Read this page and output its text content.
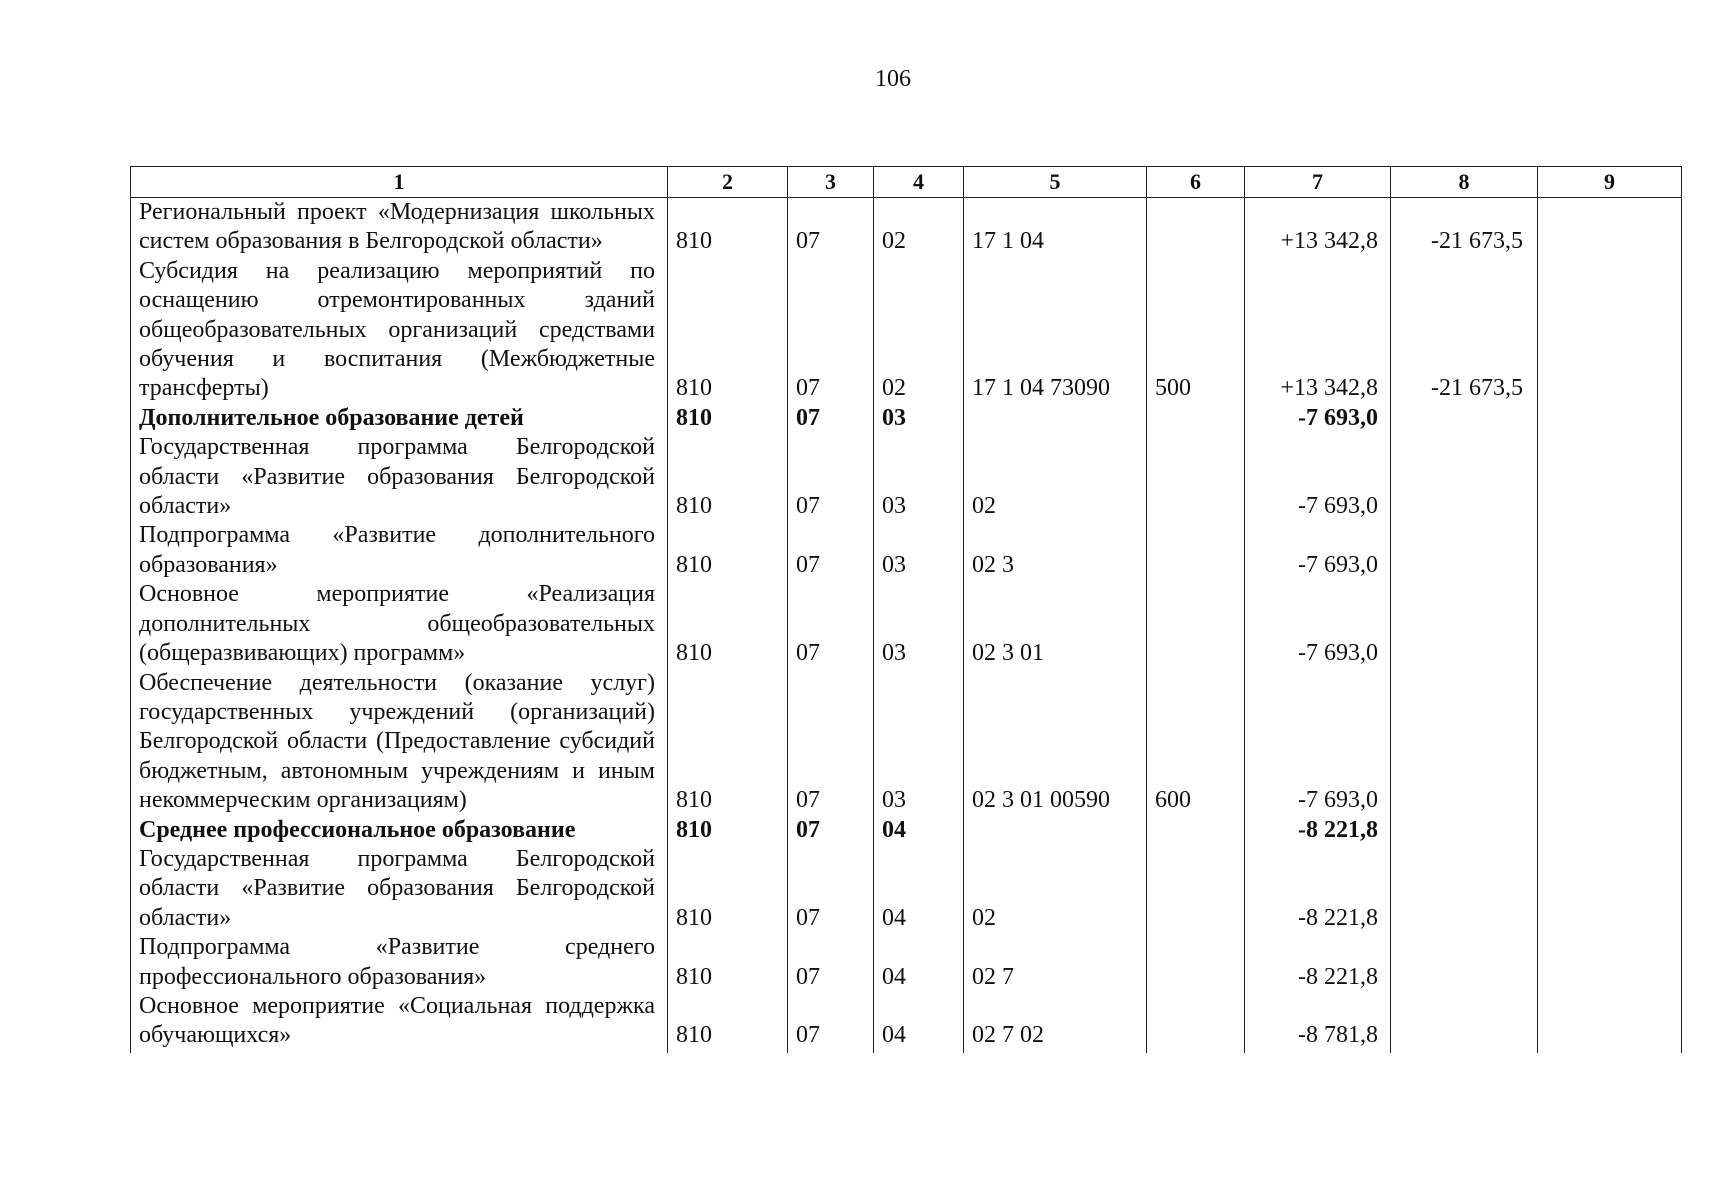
106
1	2	3	4	5	6	7	8	9
Региональный проект «Модернизация школьных систем образования в Белгородской области»	810	07	02	17 1 04		+13 342,8	-21 673,5	
Субсидия на реализацию мероприятий по оснащению отремонтированных зданий общеобразовательных организаций средствами обучения и воспитания (Межбюджетные трансферты)	810	07	02	17 1 04 73090	500	+13 342,8	-21 673,5	
Дополнительное образование детей	810	07	03			-7 693,0		
Государственная программа Белгородской области «Развитие образования Белгородской области»	810	07	03	02		-7 693,0		
Подпрограмма «Развитие дополнительного образования»	810	07	03	02 3		-7 693,0		
Основное мероприятие «Реализация дополнительных общеобразовательных (общеразвивающих) программ»	810	07	03	02 3 01		-7 693,0		
Обеспечение деятельности (оказание услуг) государственных учреждений (организаций) Белгородской области (Предоставление субсидий бюджетным, автономным учреждениям и иным некоммерческим организациям)	810	07	03	02 3 01 00590	600	-7 693,0		
Среднее профессиональное образование	810	07	04			-8 221,8		
Государственная программа Белгородской области «Развитие образования Белгородской области»	810	07	04	02		-8 221,8		
Подпрограмма «Развитие среднего профессионального образования»	810	07	04	02 7		-8 221,8		
Основное мероприятие «Социальная поддержка обучающихся»	810	07	04	02 7 02		-8 781,8		
